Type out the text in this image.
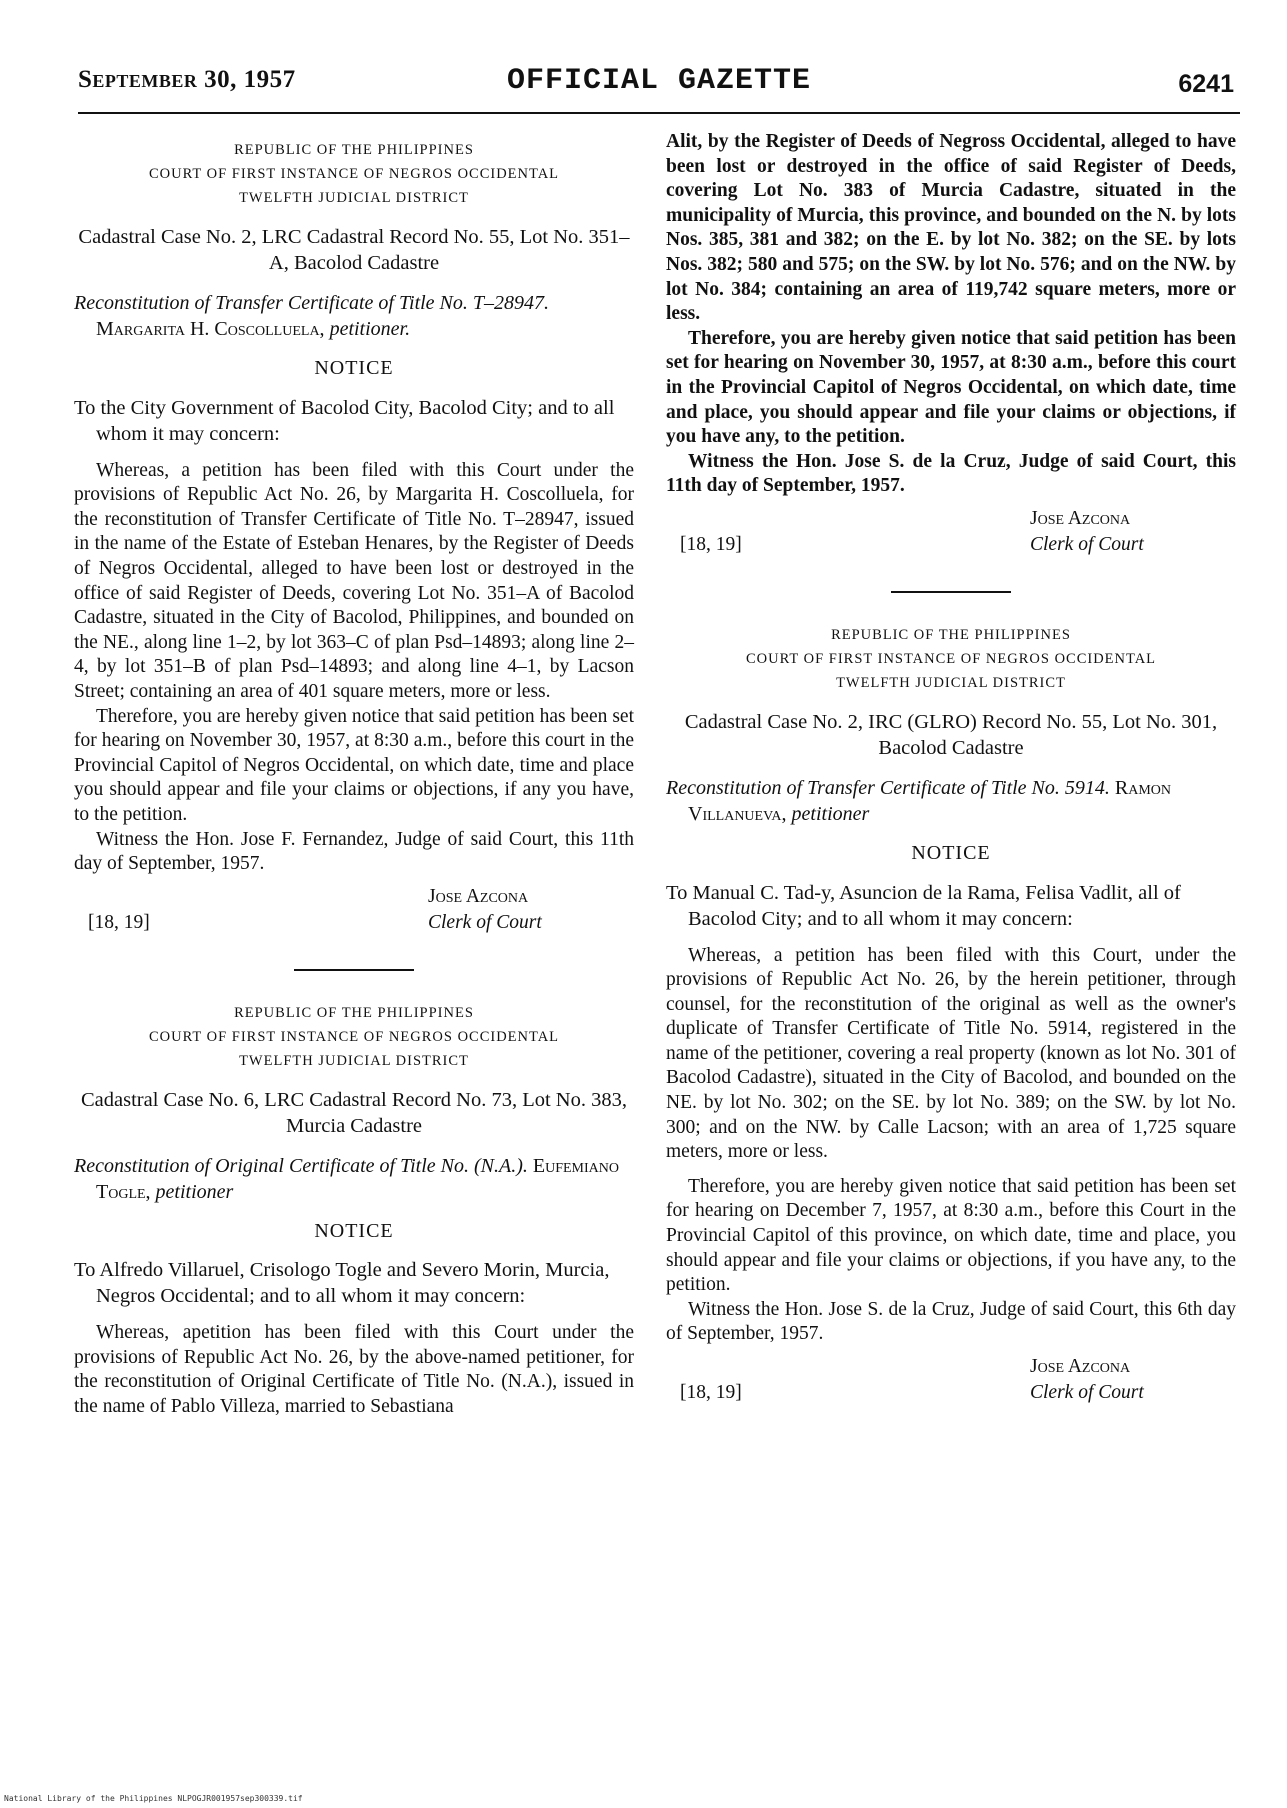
September 30, 1957	OFFICIAL GAZETTE	6241
REPUBLIC OF THE PHILIPPINES
COURT OF FIRST INSTANCE OF NEGROS OCCIDENTAL
TWELFTH JUDICIAL DISTRICT
Cadastral Case No. 2, LRC Cadastral Record No. 55, Lot No. 351–A, Bacolod Cadastre
Reconstitution of Transfer Certificate of Title No. T–28947. Margarita H. Coscolluela, petitioner.
NOTICE
To the City Government of Bacolod City, Bacolod City; and to all whom it may concern:

Whereas, a petition has been filed with this Court under the provisions of Republic Act No. 26, by Margarita H. Coscolluela, for the reconstitution of Transfer Certificate of Title No. T–28947, issued in the name of the Estate of Esteban Henares, by the Register of Deeds of Negros Occidental, alleged to have been lost or destroyed in the office of said Register of Deeds, covering Lot No. 351–A of Bacolod Cadastre, situated in the City of Bacolod, Philippines, and bounded on the NE., along line 1–2, by lot 363–C of plan Psd–14893; along line 2–4, by lot 351–B of plan Psd–14893; and along line 4–1, by Lacson Street; containing an area of 401 square meters, more or less.

Therefore, you are hereby given notice that said petition has been set for hearing on November 30, 1957, at 8:30 a.m., before this court in the Provincial Capitol of Negros Occidental, on which date, time and place you should appear and file your claims or objections, if any you have, to the petition.

Witness the Hon. Jose F. Fernandez, Judge of said Court, this 11th day of September, 1957.

[18, 19]
Jose Azcona
Clerk of Court
REPUBLIC OF THE PHILIPPINES
COURT OF FIRST INSTANCE OF NEGROS OCCIDENTAL
TWELFTH JUDICIAL DISTRICT
Cadastral Case No. 6, LRC Cadastral Record No. 73, Lot No. 383, Murcia Cadastre
Reconstitution of Original Certificate of Title No. (N.A.). Eufemiano Togle, petitioner
NOTICE
To Alfredo Villaruel, Crisologo Togle and Severo Morin, Murcia, Negros Occidental; and to all whom it may concern:

Whereas, apetition has been filed with this Court under the provisions of Republic Act No. 26, by the above-named petitioner, for the reconstitution of Original Certificate of Title No. (N.A.), issued in the name of Pablo Villeza, married to Sebastiana

Alit, by the Register of Deeds of Negross Occidental, alleged to have been lost or destroyed in the office of said Register of Deeds, covering Lot No. 383 of Murcia Cadastre, situated in the municipality of Murcia, this province, and bounded on the N. by lots Nos. 385, 381 and 382; on the E. by lot No. 382; on the SE. by lots Nos. 382; 580 and 575; on the SW. by lot No. 576; and on the NW. by lot No. 384; containing an area of 119,742 square meters, more or less.

Therefore, you are hereby given notice that said petition has been set for hearing on November 30, 1957, at 8:30 a.m., before this court in the Provincial Capitol of Negros Occidental, on which date, time and place, you should appear and file your claims or objections, if you have any, to the petition.

Witness the Hon. Jose S. de la Cruz, Judge of said Court, this 11th day of September, 1957.

[18, 19]
Jose Azcona
Clerk of Court
REPUBLIC OF THE PHILIPPINES
COURT OF FIRST INSTANCE OF NEGROS OCCIDENTAL
TWELFTH JUDICIAL DISTRICT
Cadastral Case No. 2, IRC (GLRO) Record No. 55, Lot No. 301, Bacolod Cadastre
Reconstitution of Transfer Certificate of Title No. 5914. Ramon Villanueva, petitioner
NOTICE
To Manual C. Tad-y, Asuncion de la Rama, Felisa Vadlit, all of Bacolod City; and to all whom it may concern:

Whereas, a petition has been filed with this Court, under the provisions of Republic Act No. 26, by the herein petitioner, through counsel, for the reconstitution of the original as well as the owner's duplicate of Transfer Certificate of Title No. 5914, registered in the name of the petitioner, covering a real property (known as lot No. 301 of Bacolod Cadastre), situated in the City of Bacolod, and bounded on the NE. by lot No. 302; on the SE. by lot No. 389; on the SW. by lot No. 300; and on the NW. by Calle Lacson; with an area of 1,725 square meters, more or less.

Therefore, you are hereby given notice that said petition has been set for hearing on December 7, 1957, at 8:30 a.m., before this Court in the Provincial Capitol of this province, on which date, time and place, you should appear and file your claims or objections, if you have any, to the petition.

Witness the Hon. Jose S. de la Cruz, Judge of said Court, this 6th day of September, 1957.

[18, 19]
Jose Azcona
Clerk of Court
National Library of the Philippines NLPOGJR001957sep300339.tif
